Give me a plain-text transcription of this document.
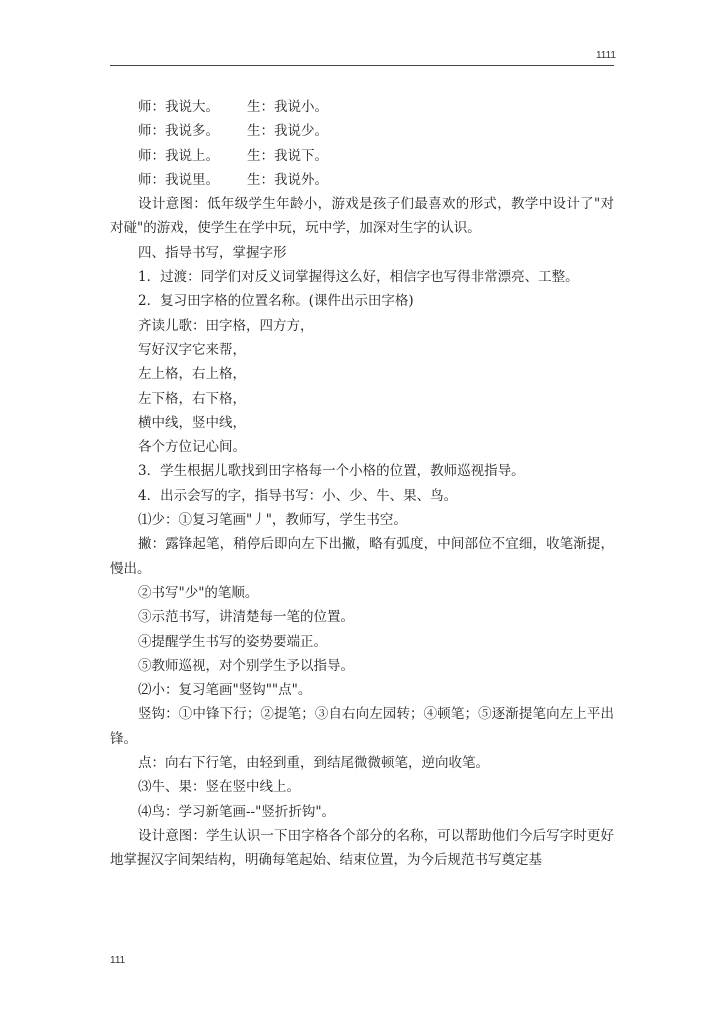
1111

师：我说大。 生：我说小。

师：我说多。 生：我说少。

师：我说上。 生：我说下。

师：我说里。 生：我说外。

设计意图：低年级学生年龄小，游戏是孩子们最喜欢的形式，教学中设计了"对对碰"的游戏，使学生在学中玩，玩中学，加深对生字的认识。

四、指导书写，掌握字形

1．过渡：同学们对反义词掌握得这么好，相信字也写得非常漂亮、工整。

2．复习田字格的位置名称。(课件出示田字格)

齐读儿歌：田字格，四方方，

写好汉字它来帮，

左上格，右上格，

左下格，右下格，

横中线，竖中线，

各个方位记心间。

3．学生根据儿歌找到田字格每一个小格的位置，教师巡视指导。

4．出示会写的字，指导书写：小、少、牛、果、鸟。

⑴少：①复习笔画"丿"，教师写，学生书空。

撇：露锋起笔，稍停后即向左下出撇，略有弧度，中间部位不宜细，收笔渐提，慢出。

②书写"少"的笔顺。

③示范书写，讲清楚每一笔的位置。

④提醒学生书写的姿势要端正。

⑤教师巡视，对个别学生予以指导。

⑵小：复习笔画"竖钩""点"。

竖钩：①中锋下行；②提笔；③自右向左园转；④顿笔；⑤逐渐提笔向左上平出锋。

点：向右下行笔，由轻到重，到结尾微微顿笔，逆向收笔。

⑶牛、果：竖在竖中线上。

⑷鸟：学习新笔画--"竖折折钩"。

设计意图：学生认识一下田字格各个部分的名称，可以帮助他们今后写字时更好地掌握汉字间架结构，明确每笔起始、结束位置，为今后规范书写奠定基

111
